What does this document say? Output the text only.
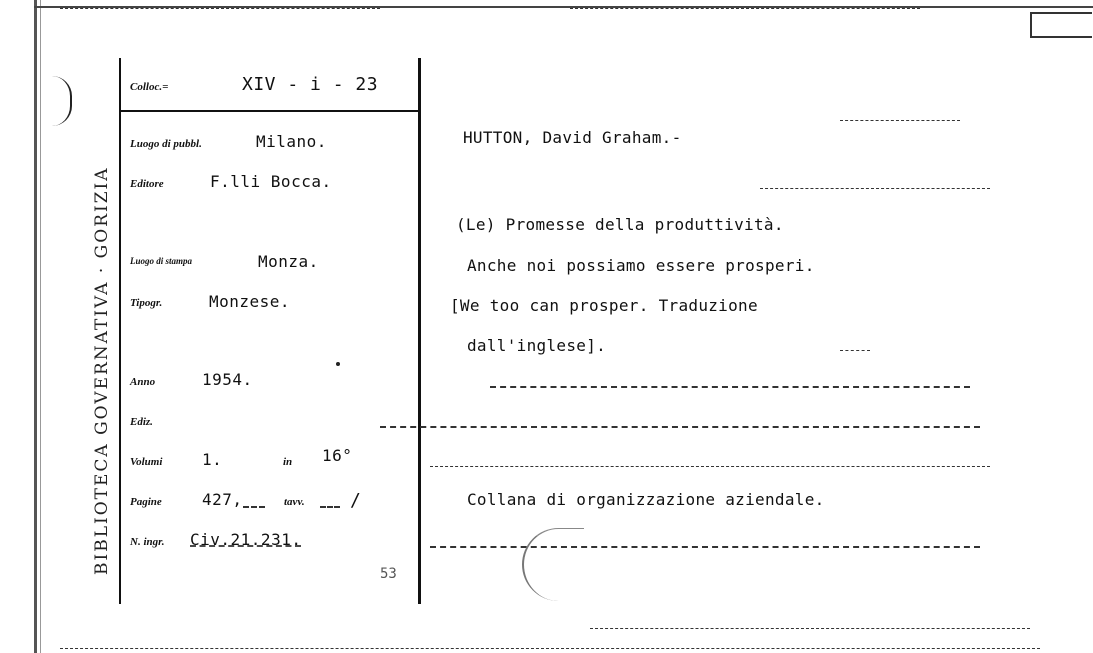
BIBLIOTECA GOVERNATIVA · GORIZIA
Colloc.=	XIV - i - 23
Luogo di pubbl.	Milano.
Editore	F.lli Bocca.
Luogo di stampa	Monza.
Tipogr.	Monzese.
Anno	1954.
Ediz.
Volumi 1.	in 16°
Pagine	427,	tavv.	/
N. ingr. Civ.21.231.
53
HUTTON, David Graham.-
(Le) Promesse della produttività.
Anche noi possiamo essere prosperi.
[We too can prosper. Traduzione
dall'inglese].
Collana di organizzazione aziendale.
